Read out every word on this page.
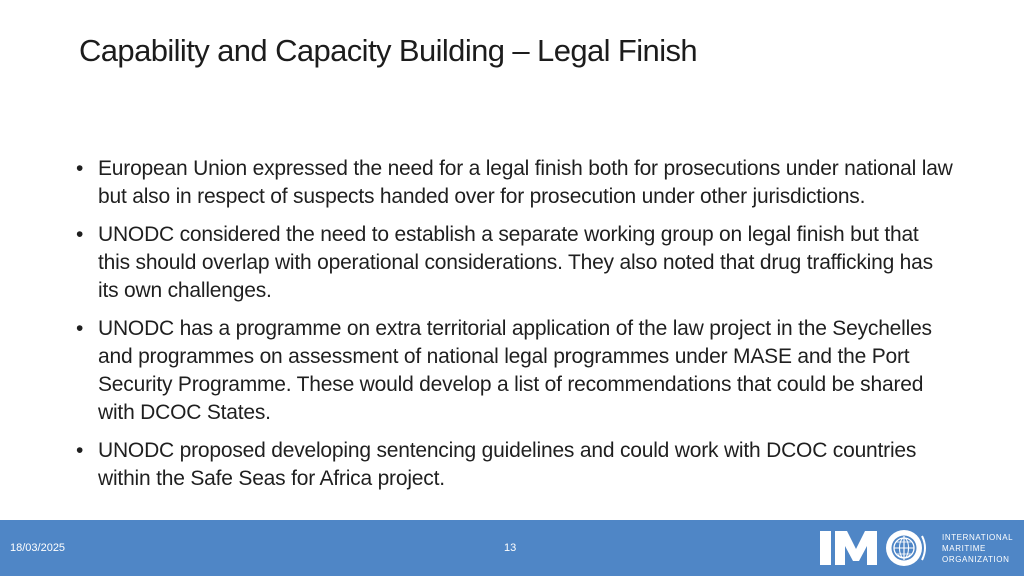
Capability and Capacity Building – Legal Finish
• European Union expressed the need for a legal finish both for prosecutions under national law but also in respect of suspects handed over for prosecution under other jurisdictions.
• UNODC considered the need to establish a separate working group on legal finish but that this should overlap with operational considerations. They also noted that drug trafficking has its own challenges.
• UNODC has a programme on extra territorial application of the law project in the Seychelles and programmes on assessment of national legal programmes under MASE and the Port Security Programme. These would develop a list of recommendations that could be shared with DCOC States.
• UNODC proposed developing sentencing guidelines and could work with DCOC countries within the Safe Seas for Africa project.
18/03/2025	13
INTERNATIONAL
MARITIME
ORGANIZATION
